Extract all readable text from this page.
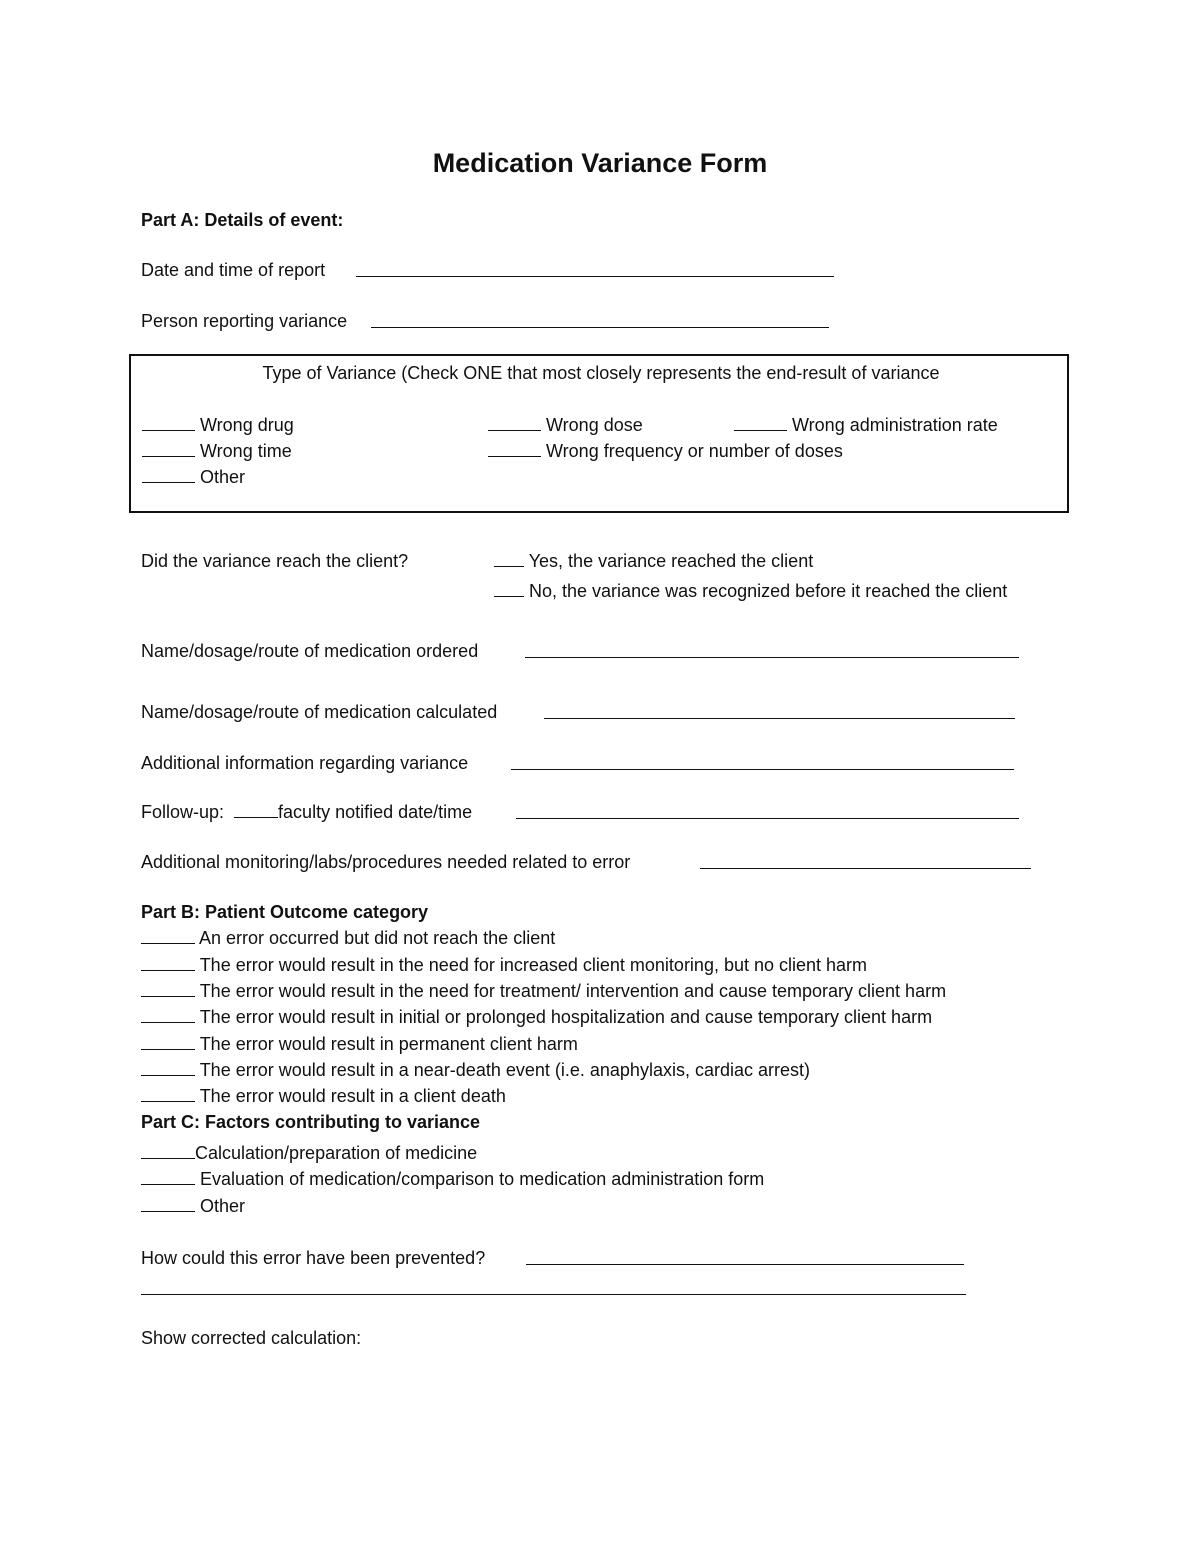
Medication Variance Form
Part A: Details of event:
Date and time of report
Person reporting variance
Type of Variance (Check ONE that most closely represents the end-result of variance
Wrong drug	Wrong dose	Wrong administration rate
Wrong time	Wrong frequency or number of doses
Other
Did the variance reach the client?	Yes, the variance reached the client
No, the variance was recognized before it reached the client
Name/dosage/route of medication ordered
Name/dosage/route of medication calculated
Additional information regarding variance
Follow-up:	faculty notified date/time
Additional monitoring/labs/procedures needed related to error
Part B: Patient Outcome category
An error occurred but did not reach the client
The error would result in the need for increased client monitoring, but no client harm
The error would result in the need for treatment/ intervention and cause temporary client harm
The error would result in initial or prolonged hospitalization and cause temporary client harm
The error would result in permanent client harm
The error would result in a near-death event (i.e. anaphylaxis, cardiac arrest)
The error would result in a client death
Part C: Factors contributing to variance
Calculation/preparation of medicine
Evaluation of medication/comparison to medication administration form
Other
How could this error have been prevented?
Show corrected calculation:
